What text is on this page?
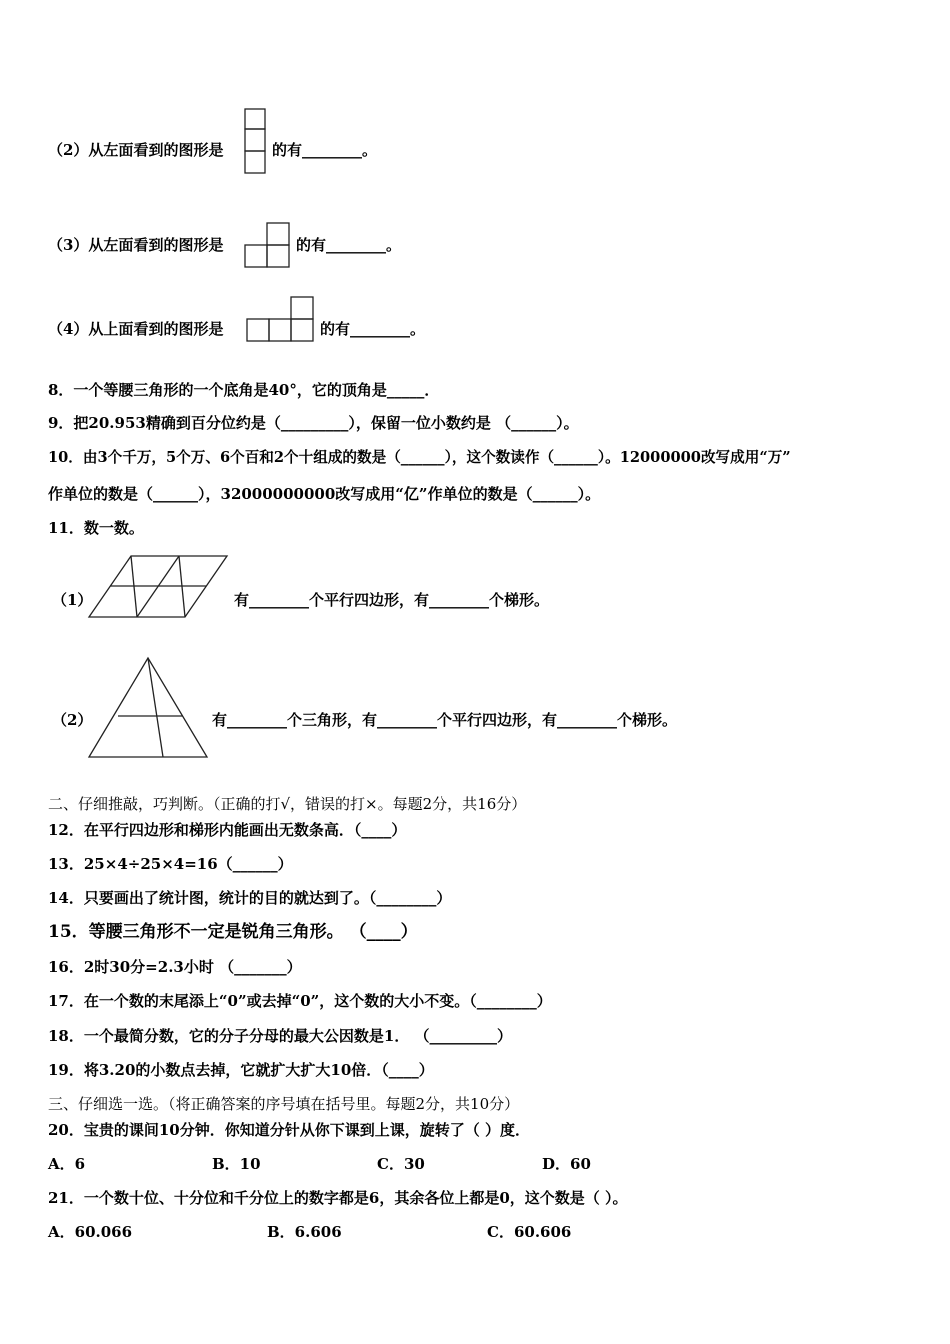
（2）从左面看到的图形是	的有________。
（3）从左面看到的图形是	的有________。
（4）从上面看到的图形是	的有________。
8．一个等腰三角形的一个底角是40°，它的顶角是_____．
9．把20.953精确到百分位约是（_________），保留一位小数约是 （______）。
10．由3个千万，5个万、6个百和2个十组成的数是（______），这个数读作（______）。12000000改写成用“万”
作单位的数是（______），32000000000改写成用“亿”作单位的数是（______）。
11．数一数。
（1）	有________个平行四边形，有________个梯形。
（2）	有________个三角形，有________个平行四边形，有________个梯形。
二、仔细推敲，巧判断。（正确的打√，错误的打×。每题2分，共16分）
12．在平行四边形和梯形内能画出无数条高．（____）
13．25×4÷25×4=16（______）
14．只要画出了统计图，统计的目的就达到了。（________）
15．等腰三角形不一定是锐角三角形。 （____）
16．2时30分=2.3小时 （_______）
17．在一个数的末尾添上“0”或去掉“0”，这个数的大小不变。（________）
18．一个最简分数，它的分子分母的最大公因数是1． （_________）
19．将3.20的小数点去掉，它就扩大扩大10倍．（____）
三、仔细选一选。（将正确答案的序号填在括号里。每题2分，共10分）
20．宝贵的课间10分钟．你知道分针从你下课到上课，旋转了（ ）度．
A．6	B．10	C．30	D．60
21．一个数十位、十分位和千分位上的数字都是6，其余各位上都是0，这个数是（ ）。
A．60.066	B．6.606	C．60.606
